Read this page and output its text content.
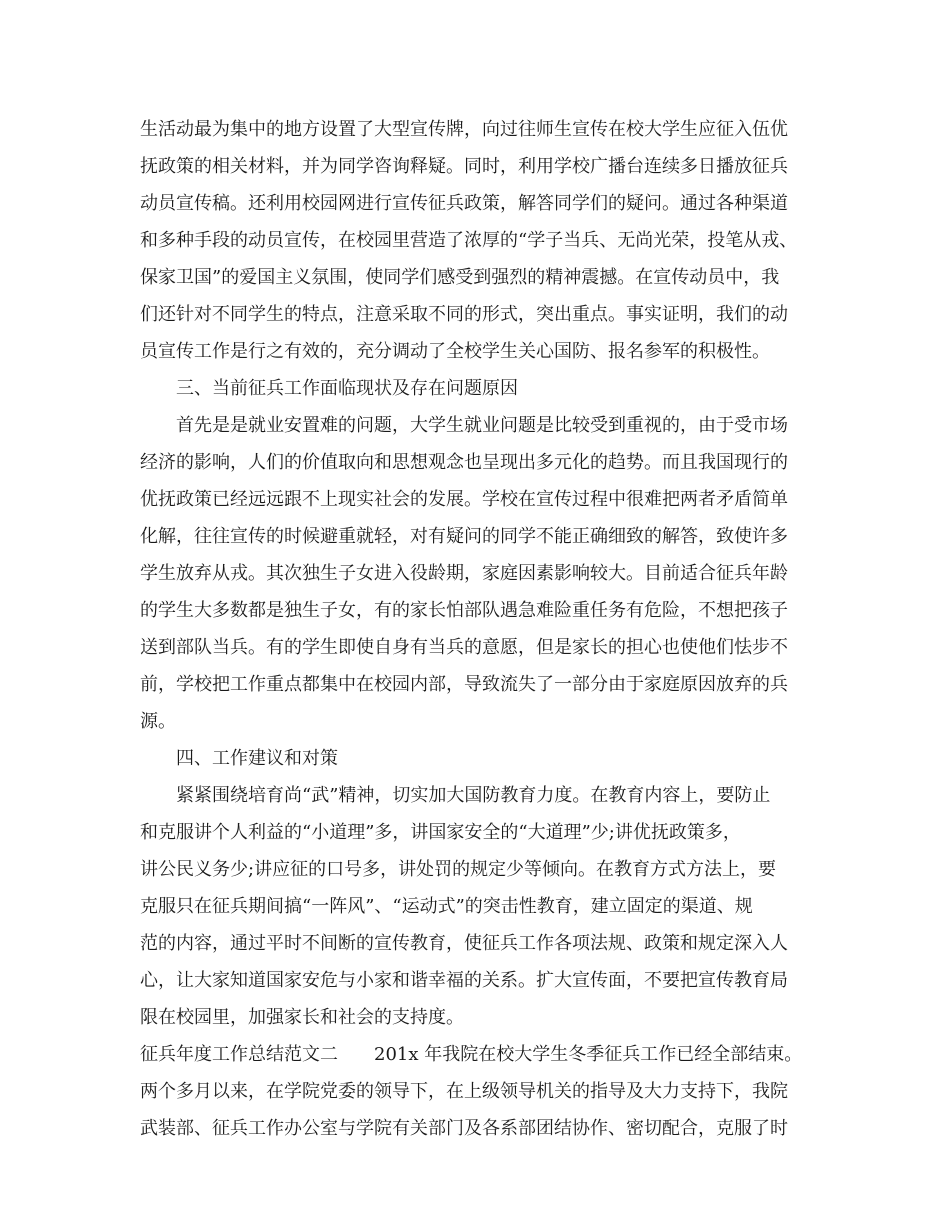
生活动最为集中的地方设置了大型宣传牌，向过往师生宣传在校大学生应征入伍优
抚政策的相关材料，并为同学咨询释疑。同时，利用学校广播台连续多日播放征兵
动员宣传稿。还利用校园网进行宣传征兵政策，解答同学们的疑问。通过各种渠道
和多种手段的动员宣传，在校园里营造了浓厚的“学子当兵、无尚光荣，投笔从戎、
保家卫国”的爱国主义氛围，使同学们感受到强烈的精神震撼。在宣传动员中，我
们还针对不同学生的特点，注意采取不同的形式，突出重点。事实证明，我们的动
员宣传工作是行之有效的，充分调动了全校学生关心国防、报名参军的积极性。
三、当前征兵工作面临现状及存在问题原因
首先是是就业安置难的问题，大学生就业问题是比较受到重视的，由于受市场
经济的影响，人们的价值取向和思想观念也呈现出多元化的趋势。而且我国现行的
优抚政策已经远远跟不上现实社会的发展。学校在宣传过程中很难把两者矛盾简单
化解，往往宣传的时候避重就轻，对有疑问的同学不能正确细致的解答，致使许多
学生放弃从戎。其次独生子女进入役龄期，家庭因素影响较大。目前适合征兵年龄
的学生大多数都是独生子女，有的家长怕部队遇急难险重任务有危险，不想把孩子
送到部队当兵。有的学生即使自身有当兵的意愿，但是家长的担心也使他们怯步不
前，学校把工作重点都集中在校园内部，导致流失了一部分由于家庭原因放弃的兵
源。
四、工作建议和对策
紧紧围绕培育尚“武”精神，切实加大国防教育力度。在教育内容上，要防止
和克服讲个人利益的“小道理”多，讲国家安全的“大道理”少;讲优抚政策多，
讲公民义务少;讲应征的口号多，讲处罚的规定少等倾向。在教育方式方法上，要
克服只在征兵期间搞“一阵风”、“运动式”的突击性教育，建立固定的渠道、规
范的内容，通过平时不间断的宣传教育，使征兵工作各项法规、政策和规定深入人
心，让大家知道国家安危与小家和谐幸福的关系。扩大宣传面，不要把宣传教育局
限在校园里，加强家长和社会的支持度。
征兵年度工作总结范文二　　201x 年我院在校大学生冬季征兵工作已经全部结束。
两个多月以来，在学院党委的领导下，在上级领导机关的指导及大力支持下，我院
武装部、征兵工作办公室与学院有关部门及各系部团结协作、密切配合，克服了时
